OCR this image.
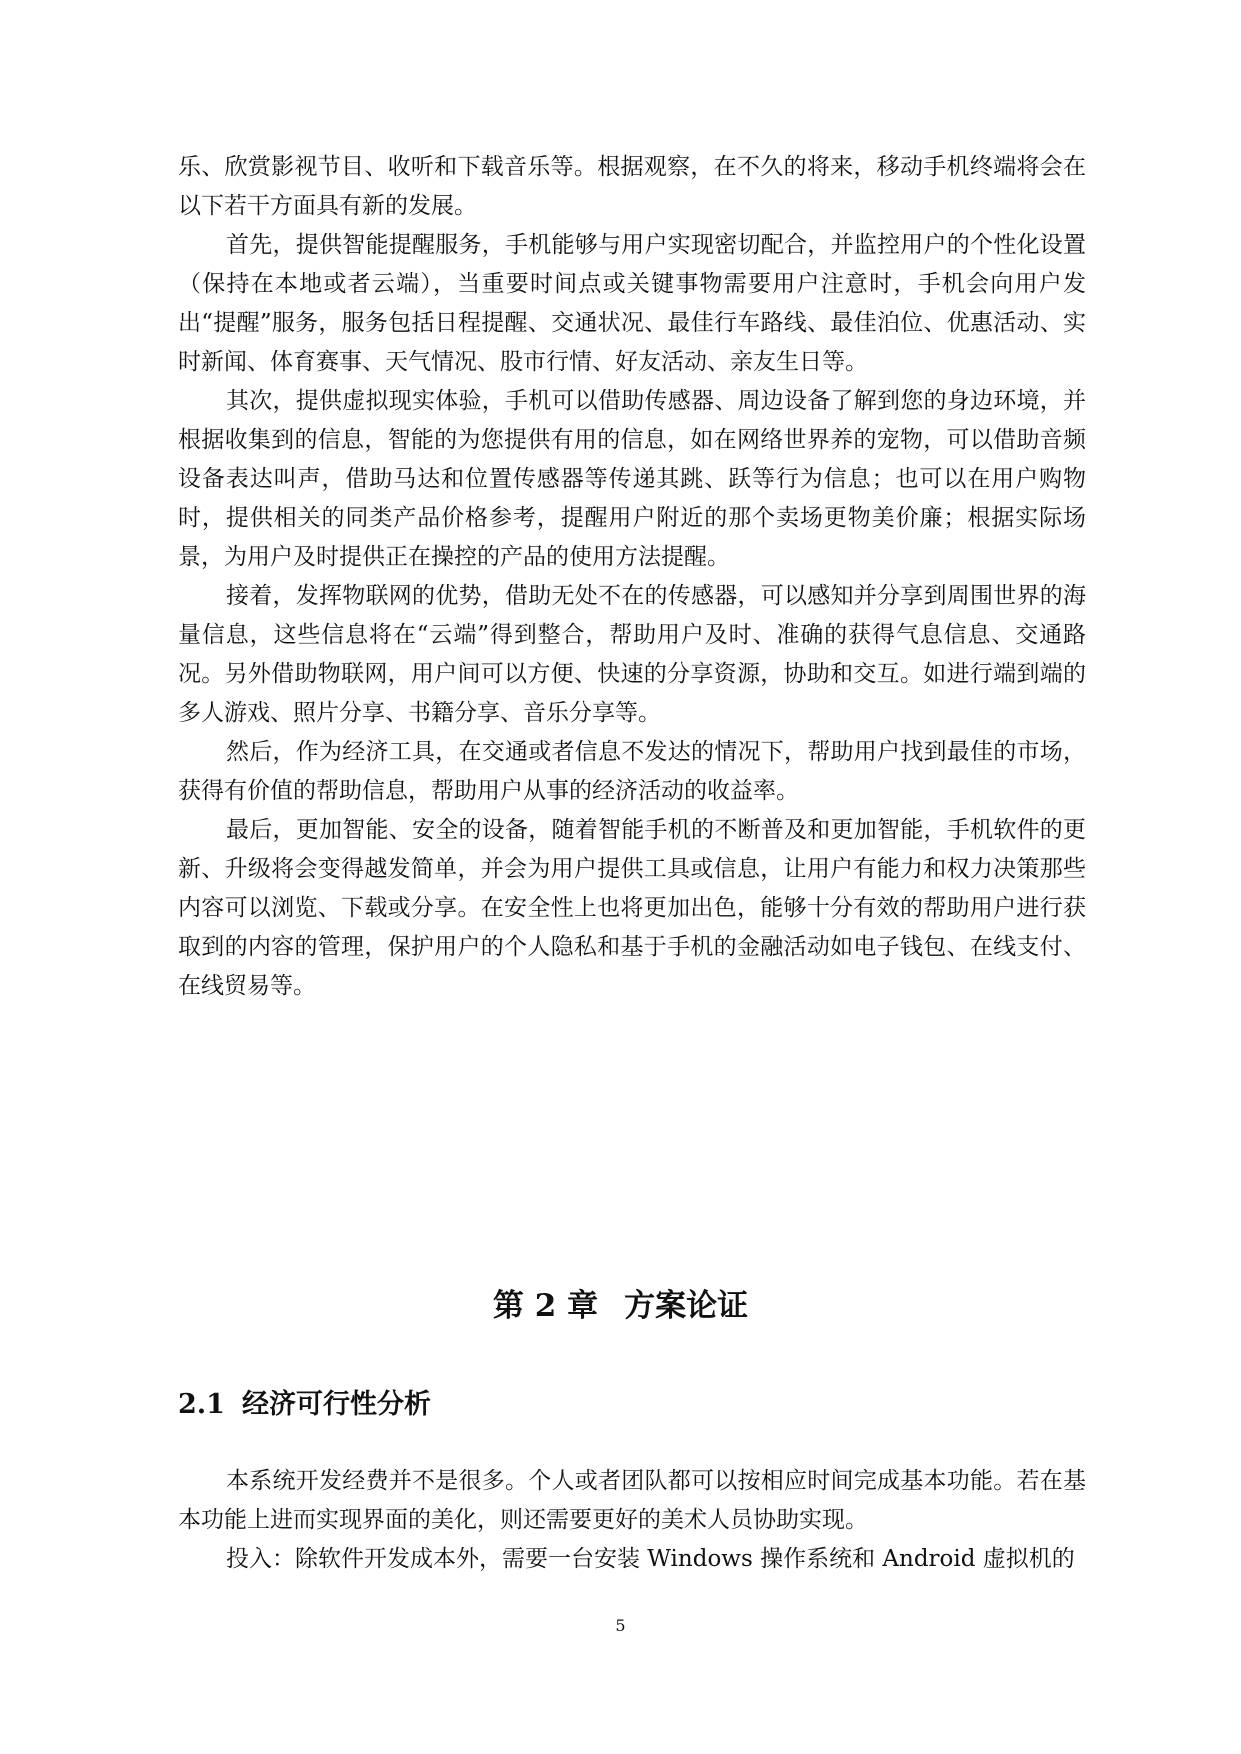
乐、欣赏影视节目、收听和下载音乐等。根据观察，在不久的将来，移动手机终端将会在以下若干方面具有新的发展。

首先，提供智能提醒服务，手机能够与用户实现密切配合，并监控用户的个性化设置（保持在本地或者云端），当重要时间点或关键事物需要用户注意时，手机会向用户发出“提醒”服务，服务包括日程提醒、交通状况、最佳行车路线、最佳泊位、优惠活动、实时新闻、体育赛事、天气情况、股市行情、好友活动、亲友生日等。

其次，提供虚拟现实体验，手机可以借助传感器、周边设备了解到您的身边环境，并根据收集到的信息，智能的为您提供有用的信息，如在网络世界养的宠物，可以借助音频设备表达叫声，借助马达和位置传感器等传递其跳、跃等行为信息；也可以在用户购物时，提供相关的同类产品价格参考，提醒用户附近的那个卖场更物美价廉；根据实际场景，为用户及时提供正在操控的产品的使用方法提醒。

接着，发挥物联网的优势，借助无处不在的传感器，可以感知并分享到周围世界的海量信息，这些信息将在“云端”得到整合，帮助用户及时、准确的获得气息信息、交通路况。另外借助物联网，用户间可以方便、快速的分享资源，协助和交互。如进行端到端的多人游戏、照片分享、书籍分享、音乐分享等。

然后，作为经济工具，在交通或者信息不发达的情况下，帮助用户找到最佳的市场，获得有价值的帮助信息，帮助用户从事的经济活动的收益率。

最后，更加智能、安全的设备，随着智能手机的不断普及和更加智能，手机软件的更新、升级将会变得越发简单，并会为用户提供工具或信息，让用户有能力和权力决策那些内容可以浏览、下载或分享。在安全性上也将更加出色，能够十分有效的帮助用户进行获取到的内容的管理，保护用户的个人隐私和基于手机的金融活动如电子钱包、在线支付、在线贸易等。

第 2 章 方案论证
2.1 经济可行性分析

本系统开发经费并不是很多。个人或者团队都可以按相应时间完成基本功能。若在基本功能上进而实现界面的美化，则还需要更好的美术人员协助实现。

投入：除软件开发成本外，需要一台安装 Windows 操作系统和 Android 虚拟机的

5
